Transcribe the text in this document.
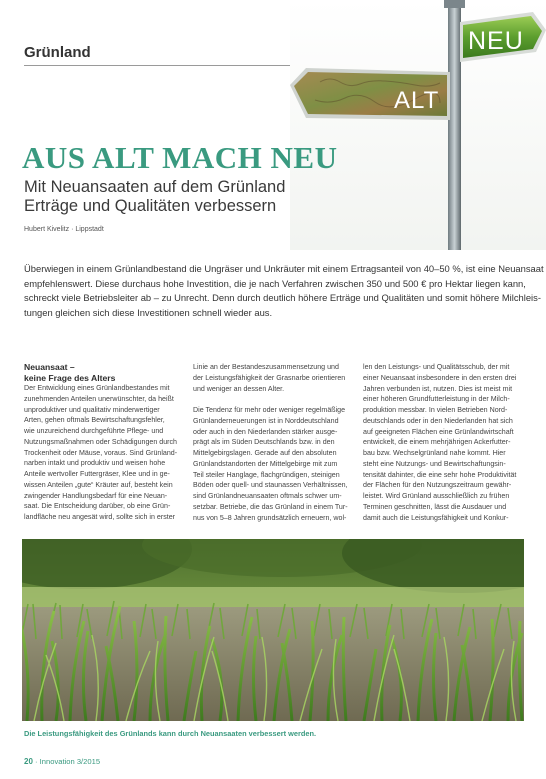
Grünland	NEU
ALT
AUS ALT MACH NEU
Mit Neuansaaten auf dem Grünland
Erträge und Qualitäten verbessern
Hubert Kivelitz · Lippstadt
Überwiegen in einem Grünlandbestand die Ungräser und Unkräuter mit einem Ertragsanteil von 40–50 %, ist eine Neuansaat
empfehlenswert. Diese durchaus hohe Investition, die je nach Verfahren zwischen 350 und 500 € pro Hektar liegen kann,
schreckt viele Betriebsleiter ab – zu Unrecht. Denn durch deutlich höhere Erträge und Qualitäten und somit höhere Milchleis-
tungen gleichen sich diese Investitionen schnell wieder aus.
Neuansaat –
keine Frage des Alters
Der Entwicklung eines Grünlandbestandes mit
zunehmenden Anteilen unerwünschter, da heißt
unproduktiver und qualitativ minderwertiger
Arten, gehen oftmals Bewirtschaftungsfehler,
wie unzureichend durchgeführte Pflege- und
Nutzungsmaßnahmen oder Schädigungen durch
Trockenheit oder Mäuse, voraus. Sind Grünland-
narben intakt und produktiv und weisen hohe
Anteile wertvoller Futtergräser, Klee und in ge-
wissen Anteilen „gute“ Kräuter auf, besteht kein
zwingender Handlungsbedarf für eine Neuan-
saat. Die Entscheidung darüber, ob eine Grün-
landfläche neu angesät wird, sollte sich in erster
Linie an der Bestandeszusammensetzung und
der Leistungsfähigkeit der Grasnarbe orientieren
und weniger an dessen Alter.

Die Tendenz für mehr oder weniger regelmäßige
Grünlanderneuerungen ist in Norddeutschland
oder auch in den Niederlanden stärker ausge-
prägt als im Süden Deutschlands bzw. in den
Mittelgebirgslagen. Gerade auf den absoluten
Grünlandstandorten der Mittelgebirge mit zum
Teil steiler Hanglage, flachgründigen, steinigen
Böden oder quell- und staunassen Verhältnissen,
sind Grünlandneuansaaten oftmals schwer um-
setzbar. Betriebe, die das Grünland in einem Tur-
nus von 5–8 Jahren grundsätzlich erneuern, wol-
len den Leistungs- und Qualitätsschub, der mit
einer Neuansaat insbesondere in den ersten drei
Jahren verbunden ist, nutzen. Dies ist meist mit
einer höheren Grundfutterleistung in der Milch-
produktion messbar. In vielen Betrieben Nord-
deutschlands oder in den Niederlanden hat sich
auf geeigneten Flächen eine Grünlandwirtschaft
entwickelt, die einem mehrjährigen Ackerfutter-
bau bzw. Wechselgrünland nahe kommt. Hier
steht eine Nutzungs- und Bewirtschaftungsin-
tensität dahinter, die eine sehr hohe Produktivität
der Flächen für den Nutzungszeitraum gewähr-
leistet. Wird Grünland ausschließlich zu frühen
Terminen geschnitten, lässt die Ausdauer und
damit auch die Leistungsfähigkeit und Konkur-
Die Leistungsfähigkeit des Grünlands kann durch Neuansaaten verbessert werden.
20 · Innovation 3/2015
